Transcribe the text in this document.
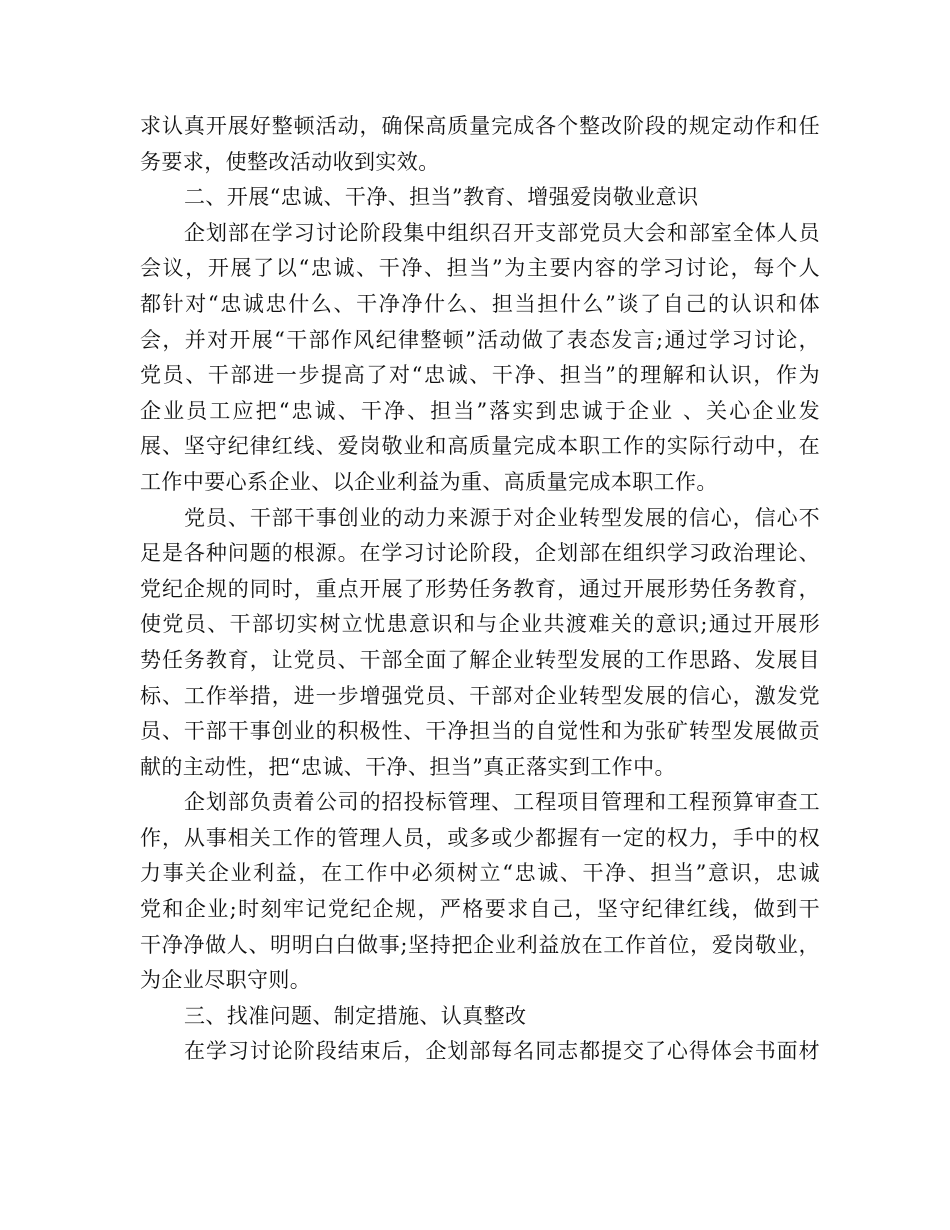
求认真开展好整顿活动，确保高质量完成各个整改阶段的规定动作和任
务要求，使整改活动收到实效。
二、开展“忠诚、干净、担当”教育、增强爱岗敬业意识
企划部在学习讨论阶段集中组织召开支部党员大会和部室全体人员
会议，开展了以“忠诚、干净、担当”为主要内容的学习讨论，每个人
都针对“忠诚忠什么、干净净什么、担当担什么”谈了自己的认识和体
会，并对开展“干部作风纪律整顿”活动做了表态发言;通过学习讨论，
党员、干部进一步提高了对“忠诚、干净、担当”的理解和认识，作为
企业员工应把“忠诚、干净、担当”落实到忠诚于企业 、关心企业发
展、坚守纪律红线、爱岗敬业和高质量完成本职工作的实际行动中，在
工作中要心系企业、以企业利益为重、高质量完成本职工作。
党员、干部干事创业的动力来源于对企业转型发展的信心，信心不
足是各种问题的根源。在学习讨论阶段，企划部在组织学习政治理论、
党纪企规的同时，重点开展了形势任务教育，通过开展形势任务教育，
使党员、干部切实树立忧患意识和与企业共渡难关的意识;通过开展形
势任务教育，让党员、干部全面了解企业转型发展的工作思路、发展目
标、工作举措，进一步增强党员、干部对企业转型发展的信心，激发党
员、干部干事创业的积极性、干净担当的自觉性和为张矿转型发展做贡
献的主动性，把“忠诚、干净、担当”真正落实到工作中。
企划部负责着公司的招投标管理、工程项目管理和工程预算审查工
作，从事相关工作的管理人员，或多或少都握有一定的权力，手中的权
力事关企业利益，在工作中必须树立“忠诚、干净、担当”意识，忠诚
党和企业;时刻牢记党纪企规，严格要求自己，坚守纪律红线，做到干
干净净做人、明明白白做事;坚持把企业利益放在工作首位，爱岗敬业，
为企业尽职守则。
三、找准问题、制定措施、认真整改
在学习讨论阶段结束后，企划部每名同志都提交了心得体会书面材
